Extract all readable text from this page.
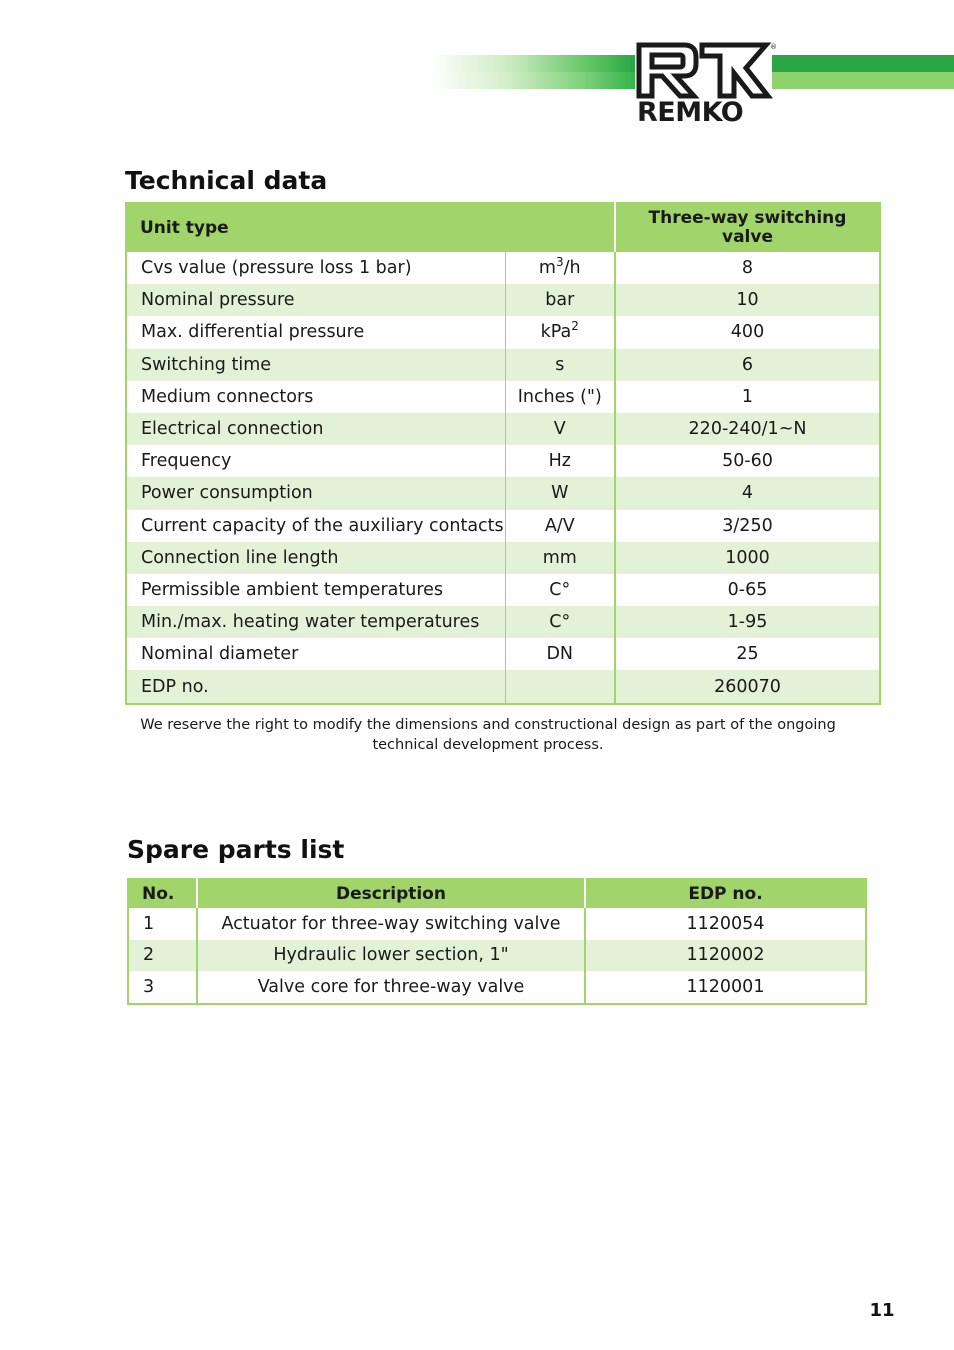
®
REMKO
Technical data
Unit type		Three-way switching valve
Cvs value (pressure loss 1 bar)	$m^3/h$	8
Nominal pressure	bar	10
Max. differential pressure	kPa$^2$	400
Switching time	s	6
Medium connectors	Inches (")	1
Electrical connection	V	220-240/1~N
Frequency	Hz	50-60
Power consumption	W	4
Current capacity of the auxiliary contacts	A/V	3/250
Connection line length	mm	1000
Permissible ambient temperatures	C°	0-65
Min./max. heating water temperatures	C°	1-95
Nominal diameter	DN	25
EDP no.		260070
We reserve the right to modify the dimensions and constructional design as part of the ongoing
technical development process.
Spare parts list
No.	Description	EDP no.
1	Actuator for three-way switching valve	1120054
2	Hydraulic lower section, 1"	1120002
3	Valve core for three-way valve	1120001
11
